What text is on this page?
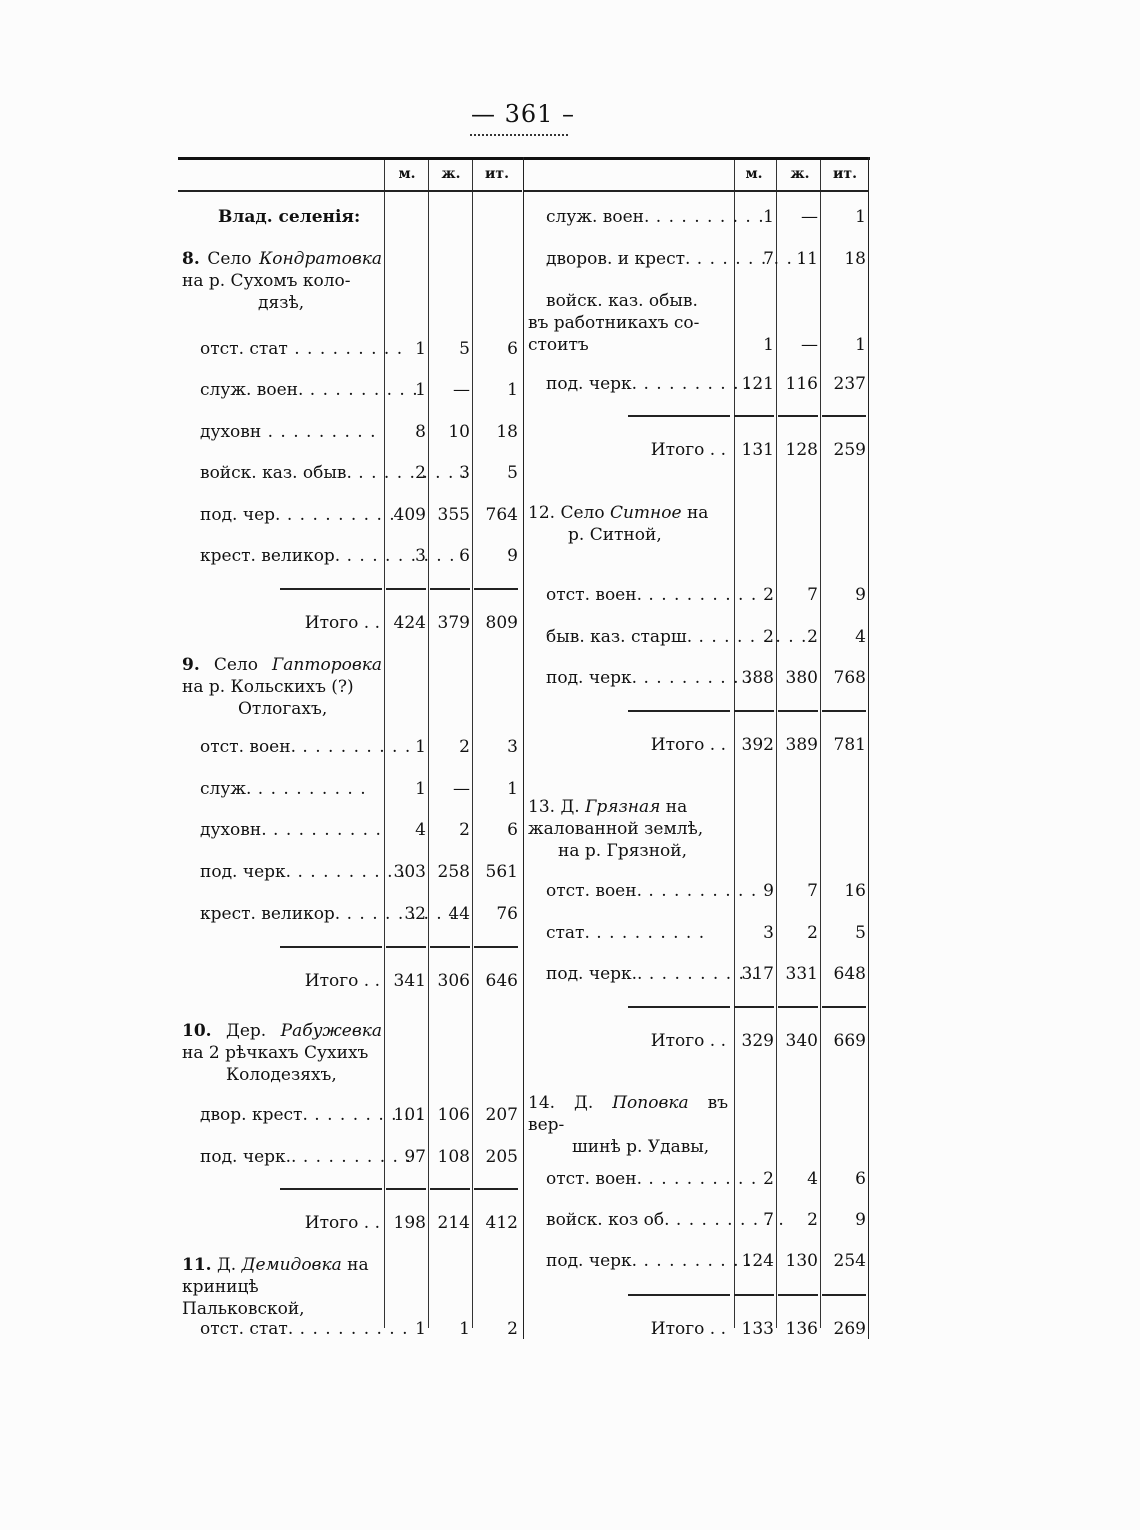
— 361 –
м.	ж.	ит.
Влад. селенія:
8. Село Кондратовка на р. Сухомъ коло-
дязѣ,
отст. стат . . .	1	5	6
служ. воен. . . .	1	—	1
духовн . . .	8	10	18
войск. каз. обыв. . . .	2	3	5
под. чер. . . .	409 355 764
крест. великор. . . .	3	6	9
Итого . . 424 379 809
9. Село Гапторовка на р. Кольскихъ (?)
Отлогахъ,
отст. воен. . . .	1	2	3
служ. . . .	1	—	1
духовн. . . .	4	2	6
под. черк. . . .	303 258 561
крест. великор. . . .	32	44	76
Итого . . 341 306 646
10. Дер. Рабужевка на 2 рѣчкахъ Сухихъ
Колодезяхъ,
двор. крест. . . .	101 106 207
под. черк.. . . .	97 108 205
Итого . . 198 214 412
11. Д. Демидовка на
криницѣ Пальковской,
отст. стат. . . .	1	1	2
м.	ж.	ит.
служ. воен. . . .	1	—	1
дворов. и крест. . . .	7	11	18
войск. каз. обыв.
въ работникахъ со-
стоитъ	1	—	1
под. черк. . . .	121 116 237
Итого . . 131 128 259
12. Село Ситное на
р. Ситной,
отст. воен. . . .	2	7	9
быв. каз. старш. . . .	2	2	4
под. черк. . . .	388 380 768
Итого . . 392 389 781
13. Д. Грязная на
жалованной землѣ,
на р. Грязной,
отст. воен. . . .	9	7	16
стат. . . .	3	2	5
под. черк.. . . .	317 331 648
Итого . . 329 340 669
14. Д. Поповка въ вер-
шинѣ р. Удавы,
отст. воен. . . .	2	4	6
войск. коз об. . . .	7	2	9
под. черк. . . .	124 130 254
Итого . . 133 136 269
